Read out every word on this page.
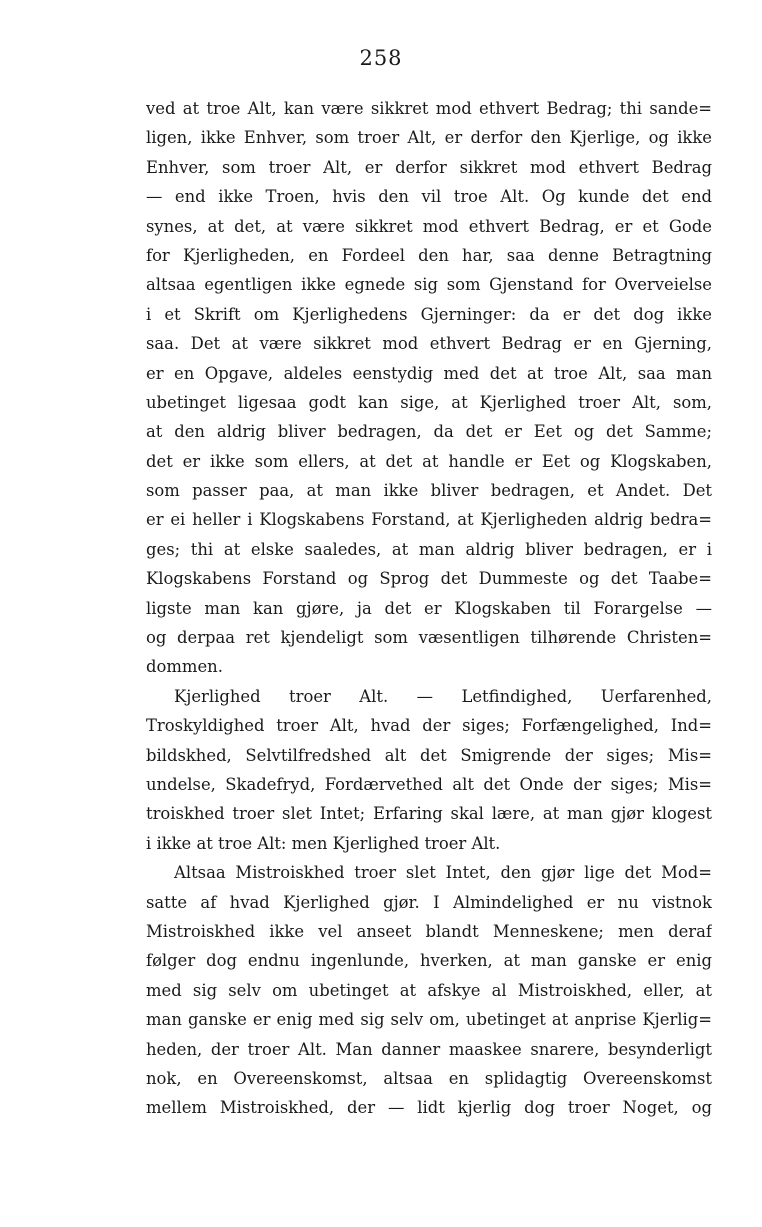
258
ved at troe Alt, kan være sikkret mod ethvert Bedrag; thi sande=
ligen, ikke Enhver, som troer Alt, er derfor den Kjerlige, og ikke
Enhver, som troer Alt, er derfor sikkret mod ethvert Bedrag
— end ikke Troen, hvis den vil troe Alt. Og kunde det end
synes, at det, at være sikkret mod ethvert Bedrag, er et Gode
for Kjerligheden, en Fordeel den har, saa denne Betragtning
altsaa egentligen ikke egnede sig som Gjenstand for Overveielse
i et Skrift om Kjerlighedens Gjerninger: da er det dog ikke
saa. Det at være sikkret mod ethvert Bedrag er en Gjerning,
er en Opgave, aldeles eenstydig med det at troe Alt, saa man
ubetinget ligesaa godt kan sige, at Kjerlighed troer Alt, som,
at den aldrig bliver bedragen, da det er Eet og det Samme;
det er ikke som ellers, at det at handle er Eet og Klogskaben,
som passer paa, at man ikke bliver bedragen, et Andet. Det
er ei heller i Klogskabens Forstand, at Kjerligheden aldrig bedra=
ges; thi at elske saaledes, at man aldrig bliver bedragen, er i
Klogskabens Forstand og Sprog det Dummeste og det Taabe=
ligste man kan gjøre, ja det er Klogskaben til Forargelse —
og derpaa ret kjendeligt som væsentligen tilhørende Christen=
dommen.
Kjerlighed troer Alt. — Letfindighed, Uerfarenhed,
Troskyldighed troer Alt, hvad der siges; Forfængelighed, Ind=
bildskhed, Selvtilfredshed alt det Smigrende der siges; Mis=
undelse, Skadefryd, Fordærvethed alt det Onde der siges; Mis=
troiskhed troer slet Intet; Erfaring skal lære, at man gjør klogest
i ikke at troe Alt: men Kjerlighed troer Alt.
Altsaa Mistroiskhed troer slet Intet, den gjør lige det Mod=
satte af hvad Kjerlighed gjør. I Almindelighed er nu vistnok
Mistroiskhed ikke vel anseet blandt Menneskene; men deraf
følger dog endnu ingenlunde, hverken, at man ganske er enig
med sig selv om ubetinget at afskye al Mistroiskhed, eller, at
man ganske er enig med sig selv om, ubetinget at anprise Kjerlig=
heden, der troer Alt. Man danner maaskee snarere, besynderligt
nok, en Overeenskomst, altsaa en splidagtig Overeenskomst
mellem Mistroiskhed, der — lidt kjerlig dog troer Noget, og
